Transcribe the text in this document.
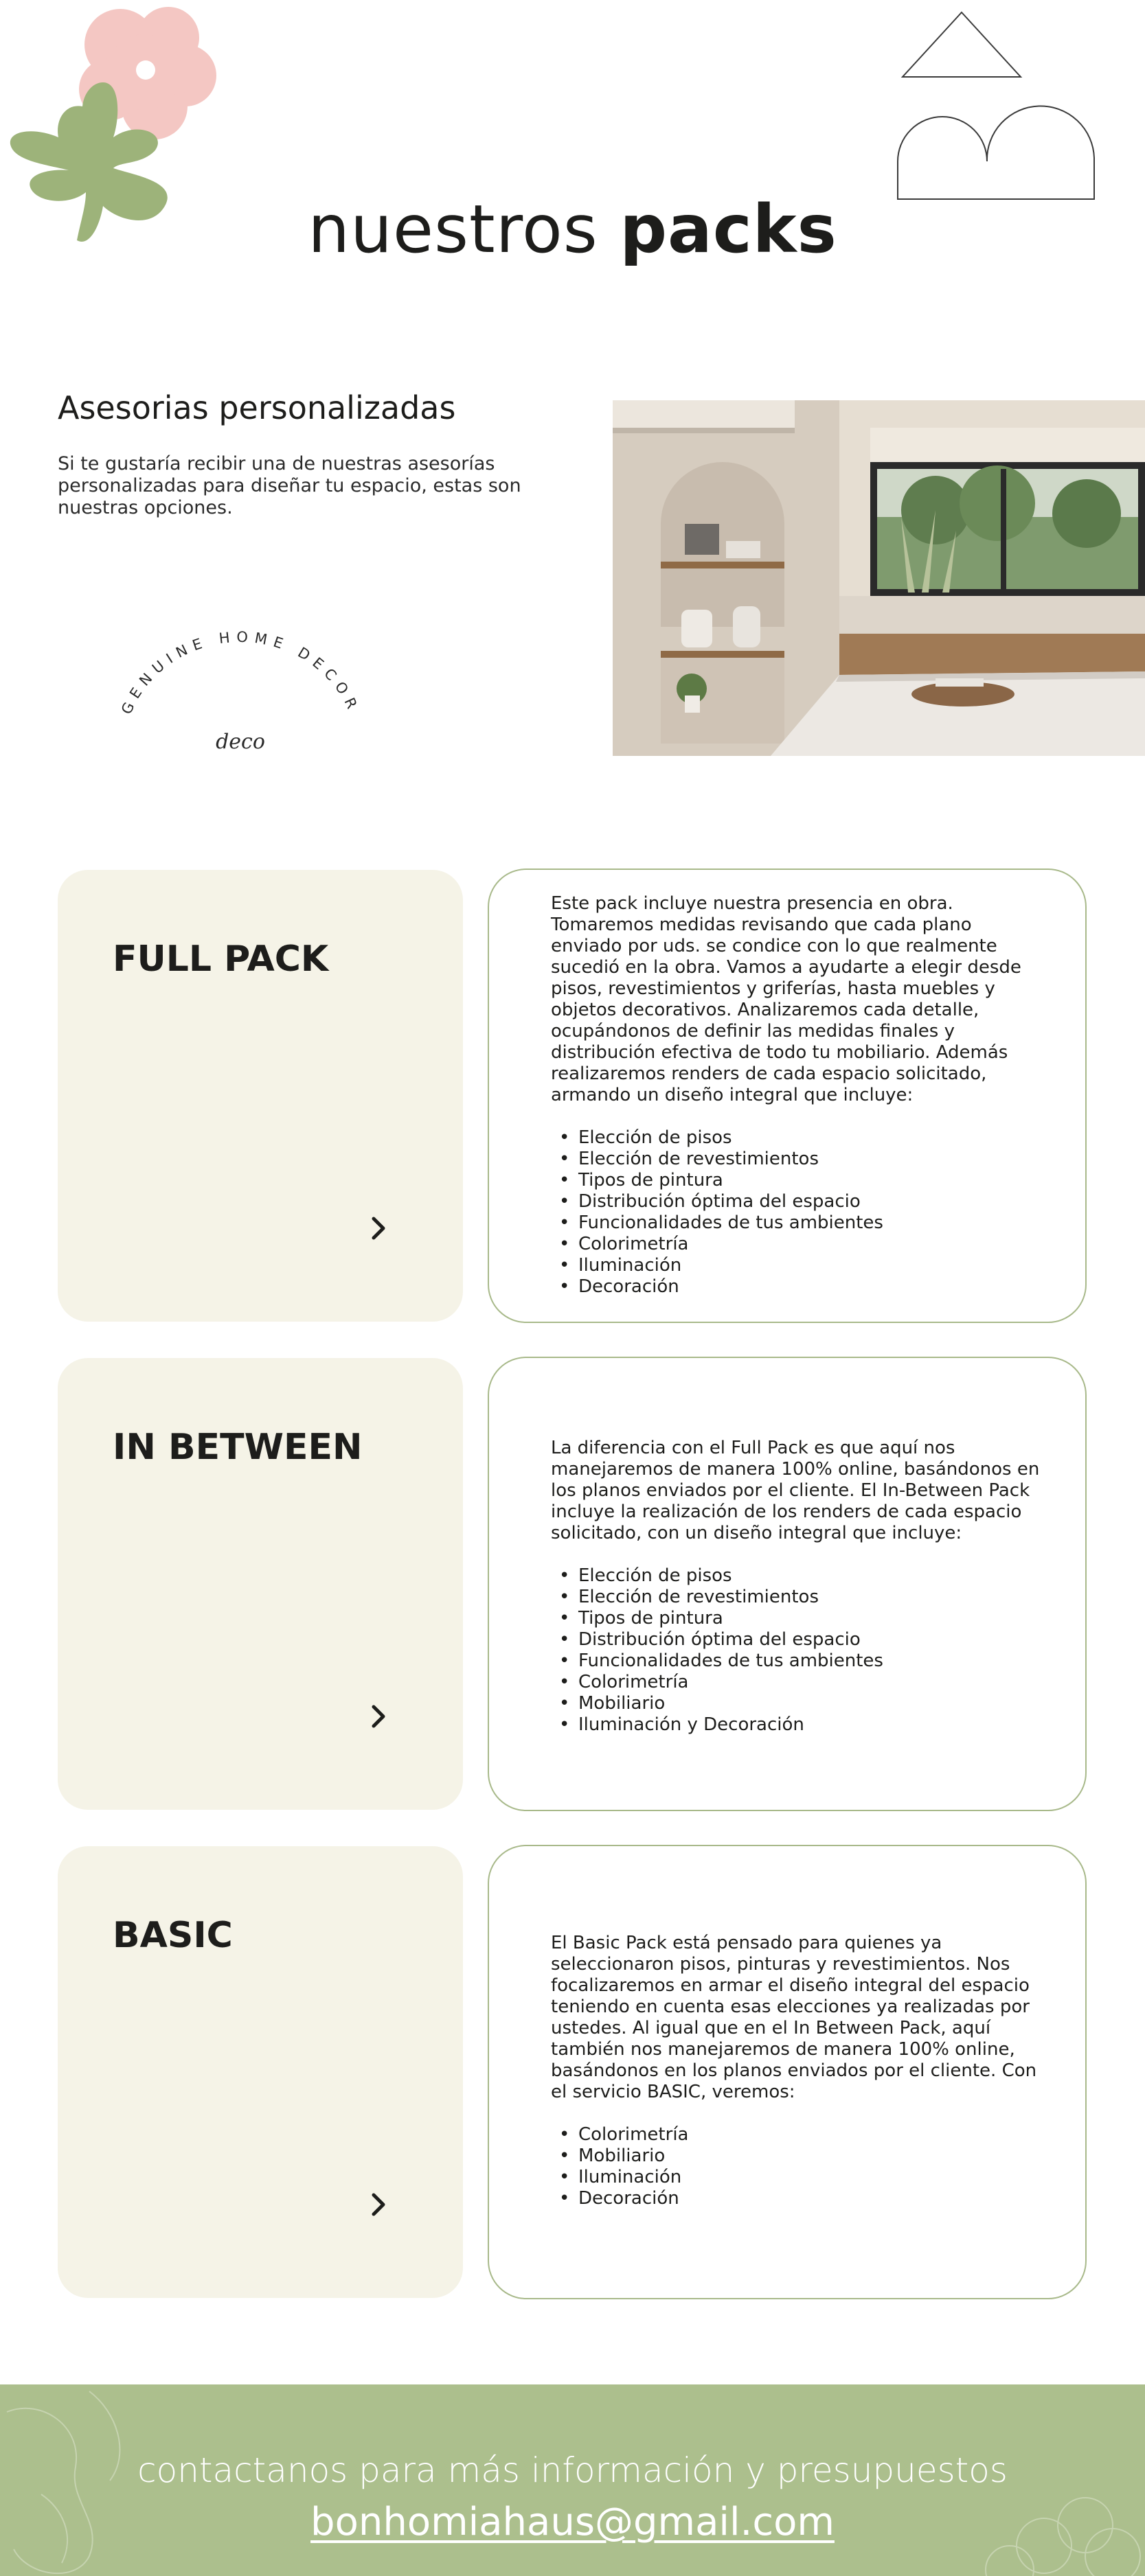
nuestros packs
Asesorias personalizadas

Si te gustaría recibir una de nuestras asesorías personalizadas para diseñar tu espacio, estas son nuestras opciones.

GENUINE HOME DECOR
deco
FULL PACK

Este pack incluye nuestra presencia en obra. Tomaremos medidas revisando que cada plano enviado por uds. se condice con lo que realmente sucedió en la obra. Vamos a ayudarte a elegir desde pisos, revestimientos y griferías, hasta muebles y objetos decorativos. Analizaremos cada detalle, ocupándonos de definir las medidas finales y distribución efectiva de todo tu mobiliario. Además realizaremos renders de cada espacio solicitado, armando un diseño integral que incluye:

• Elección de pisos
• Elección de revestimientos
• Tipos de pintura
• Distribución óptima del espacio
• Funcionalidades de tus ambientes
• Colorimetría
• Iluminación
• Decoración
IN BETWEEN	La diferencia con el Full Pack es que aquí nos manejaremos de manera 100% online, basándonos en los planos enviados por el cliente. El In-Between Pack incluye la realización de los renders de cada espacio solicitado, con un diseño integral que incluye:

• Elección de pisos
• Elección de revestimientos
• Tipos de pintura
• Distribución óptima del espacio
• Funcionalidades de tus ambientes
• Colorimetría
• Mobiliario
• Iluminación y Decoración
BASIC	El Basic Pack está pensado para quienes ya seleccionaron pisos, pinturas y revestimientos. Nos focalizaremos en armar el diseño integral del espacio teniendo en cuenta esas elecciones ya realizadas por ustedes. Al igual que en el In Between Pack, aquí también nos manejaremos de manera 100% online, basándonos en los planos enviados por el cliente. Con el servicio BASIC, veremos:

• Colorimetría
• Mobiliario
• Iluminación
• Decoración
contactanos para más información y presupuestos
bonhomiahaus@gmail.com
